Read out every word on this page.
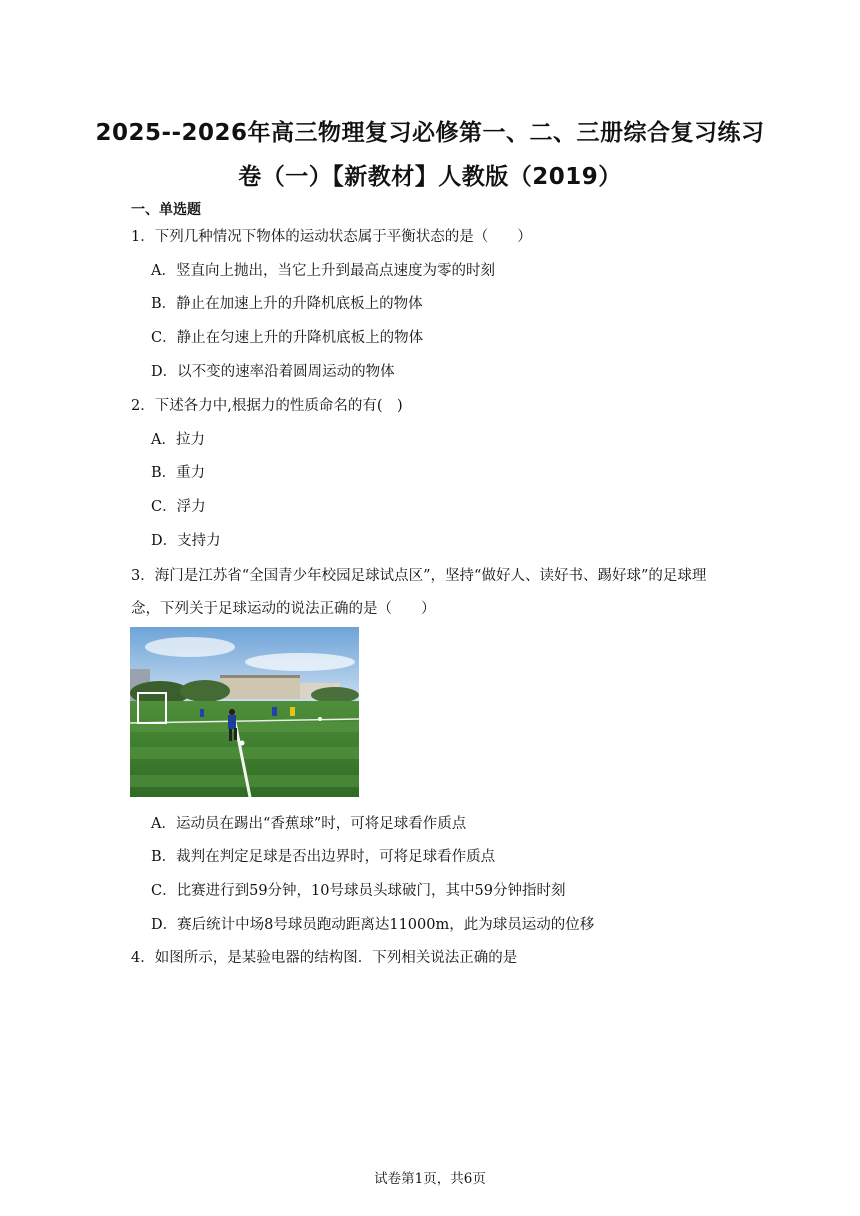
2025--2026年高三物理复习必修第一、二、三册综合复习练习
卷（一）【新教材】人教版（2019）
一、单选题
1．下列几种情况下物体的运动状态属于平衡状态的是（　　）
A．竖直向上抛出，当它上升到最高点速度为零的时刻
B．静止在加速上升的升降机底板上的物体
C．静止在匀速上升的升降机底板上的物体
D．以不变的速率沿着圆周运动的物体
2．下述各力中,根据力的性质命名的有(　)
A．拉力
B．重力
C．浮力
D．支持力
3．海门是江苏省“全国青少年校园足球试点区”，坚持“做好人、读好书、踢好球”的足球理
念，下列关于足球运动的说法正确的是（　　）
A．运动员在踢出“香蕉球”时，可将足球看作质点
B．裁判在判定足球是否出边界时，可将足球看作质点
C．比赛进行到59分钟，10号球员头球破门，其中59分钟指时刻
D．赛后统计中场8号球员跑动距离达11000m，此为球员运动的位移
4．如图所示，是某验电器的结构图．下列相关说法正确的是
试卷第1页，共6页
